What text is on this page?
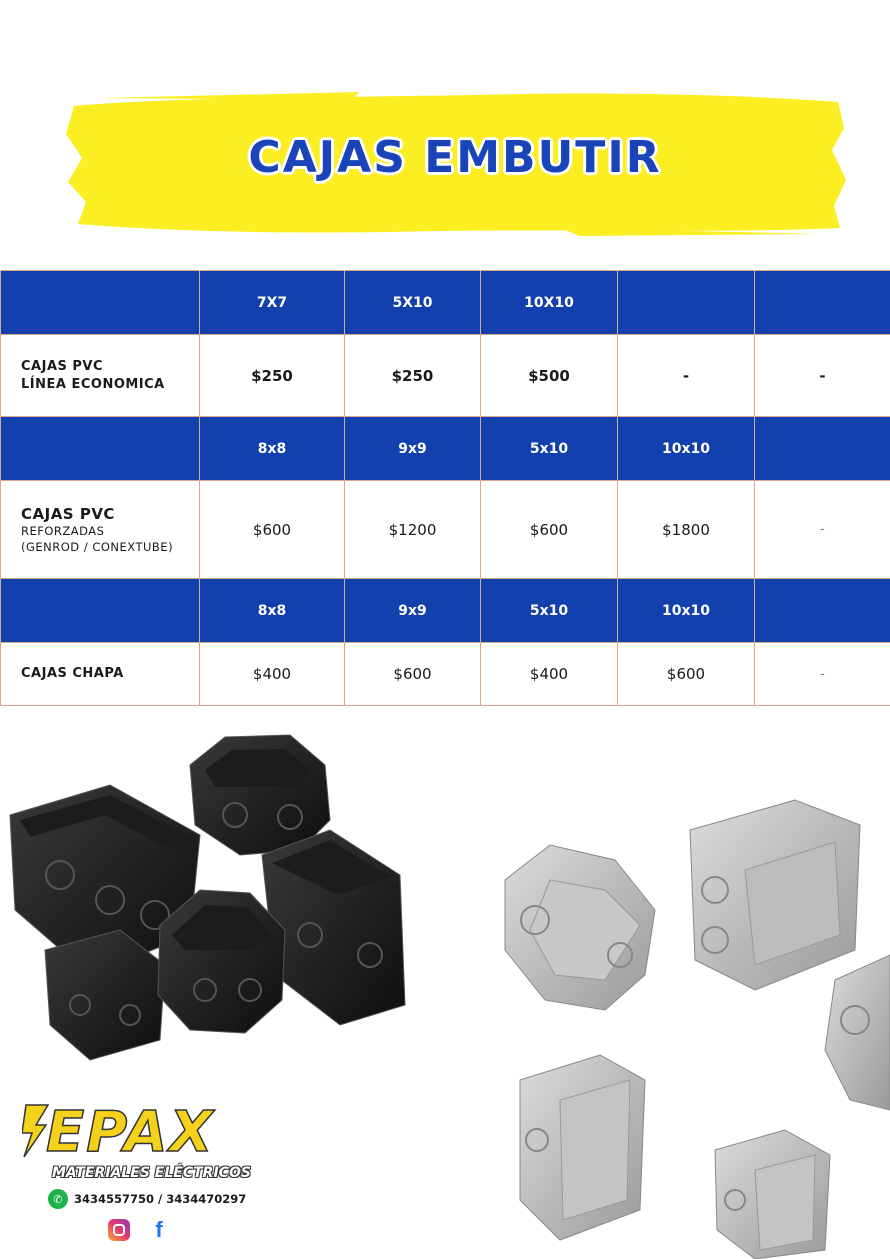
CAJAS EMBUTIR
	7X7	5X10	10X10		

CAJAS PVC
LÍNEA ECONOMICA	$250	$250	$500	-	-
	8x8	9x9	5x10	10x10	

CAJAS PVC
REFORZADAS
(GENROD / CONEXTUBE)	$600	$1200	$600	$1800	-
	8x8	9x9	5x10	10x10	

CAJAS CHAPA	$400	$600	$400	$600	-
EPAX
MATERIALES ELÉCTRICOS
✆ 3434557750 / 3434470297
f
